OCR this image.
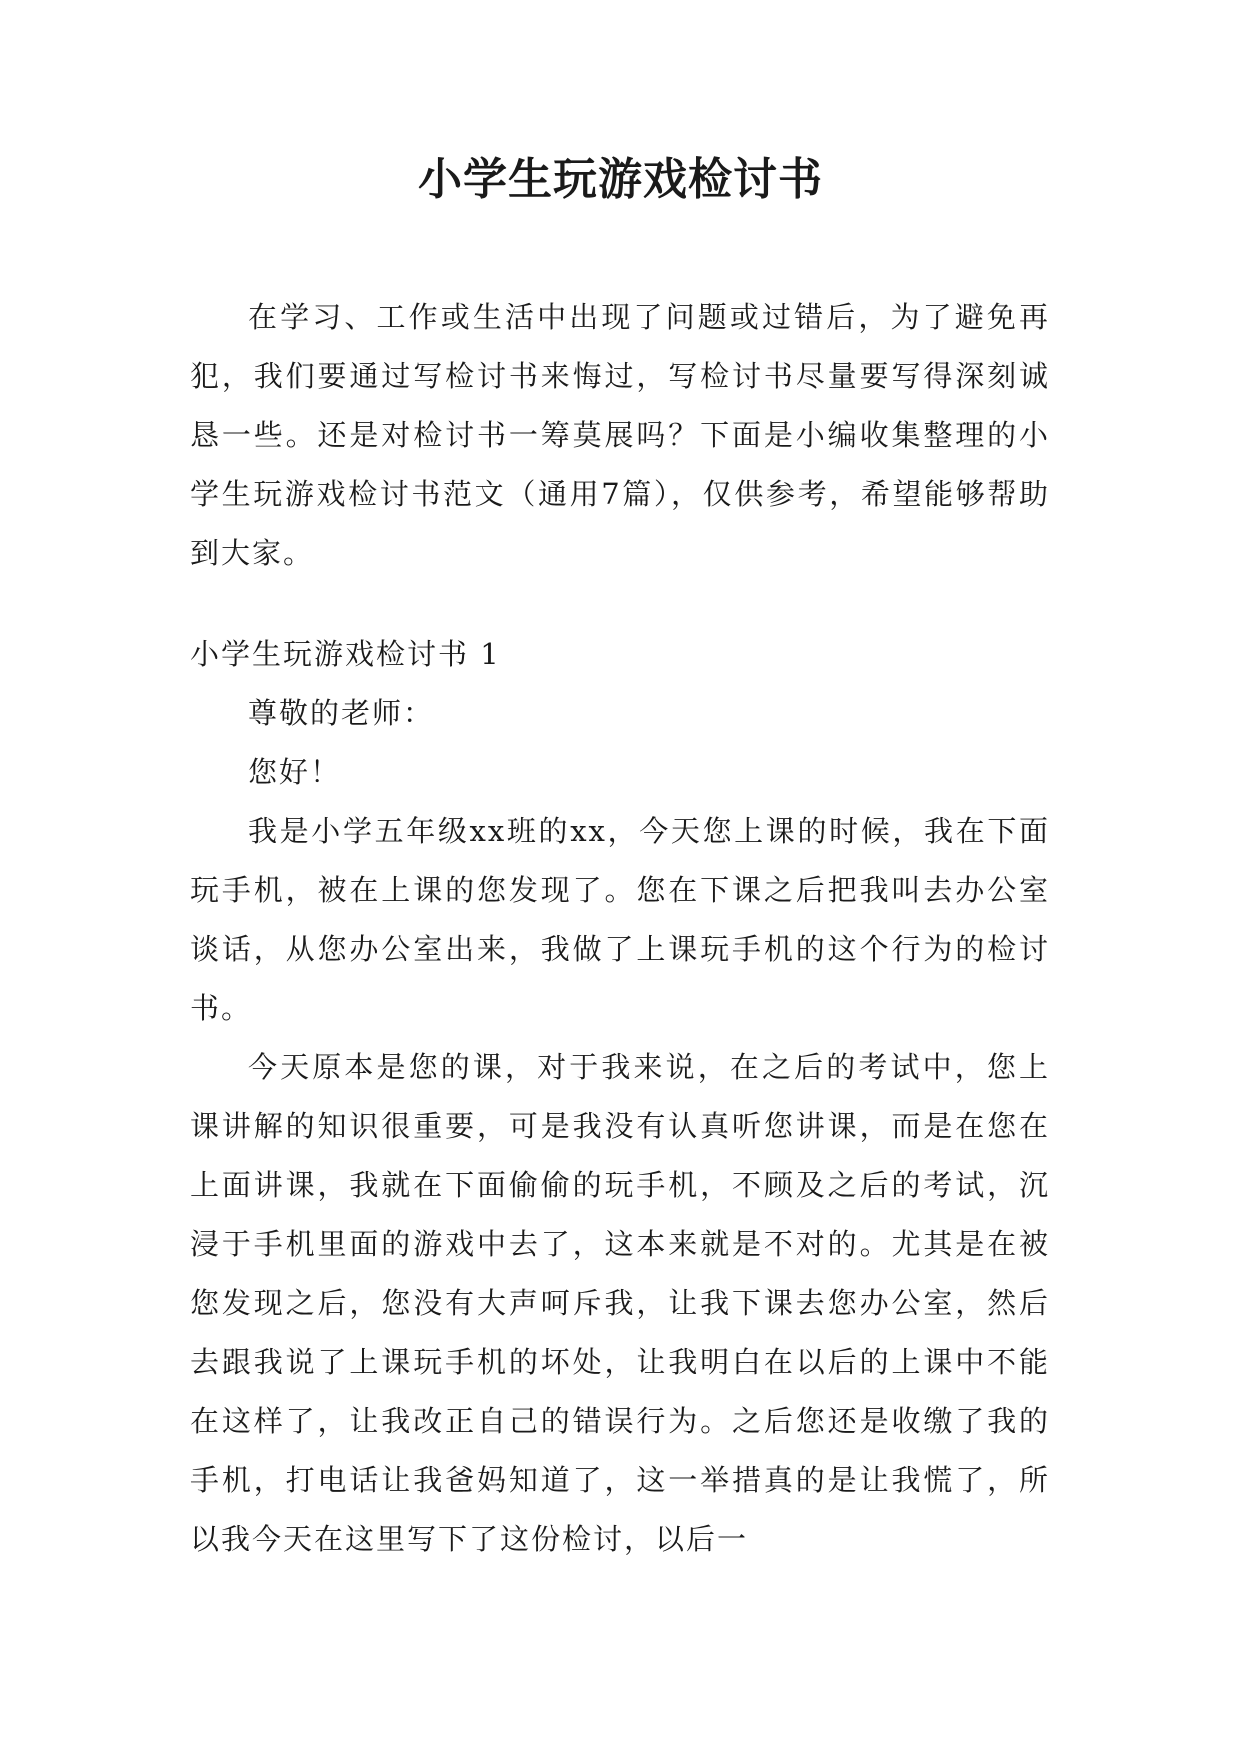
小学生玩游戏检讨书

在学习、工作或生活中出现了问题或过错后，为了避免再犯，我们要通过写检讨书来悔过，写检讨书尽量要写得深刻诚恳一些。还是对检讨书一筹莫展吗？下面是小编收集整理的小学生玩游戏检讨书范文（通用7篇），仅供参考，希望能够帮助到大家。

小学生玩游戏检讨书 1

尊敬的老师：

您好！

我是小学五年级xx班的xx，今天您上课的时候，我在下面玩手机，被在上课的您发现了。您在下课之后把我叫去办公室谈话，从您办公室出来，我做了上课玩手机的这个行为的检讨书。

今天原本是您的课，对于我来说，在之后的考试中，您上课讲解的知识很重要，可是我没有认真听您讲课，而是在您在上面讲课，我就在下面偷偷的玩手机，不顾及之后的考试，沉浸于手机里面的游戏中去了，这本来就是不对的。尤其是在被您发现之后，您没有大声呵斥我，让我下课去您办公室，然后去跟我说了上课玩手机的坏处，让我明白在以后的上课中不能在这样了，让我改正自己的错误行为。之后您还是收缴了我的手机，打电话让我爸妈知道了，这一举措真的是让我慌了，所以我今天在这里写下了这份检讨，以后一
